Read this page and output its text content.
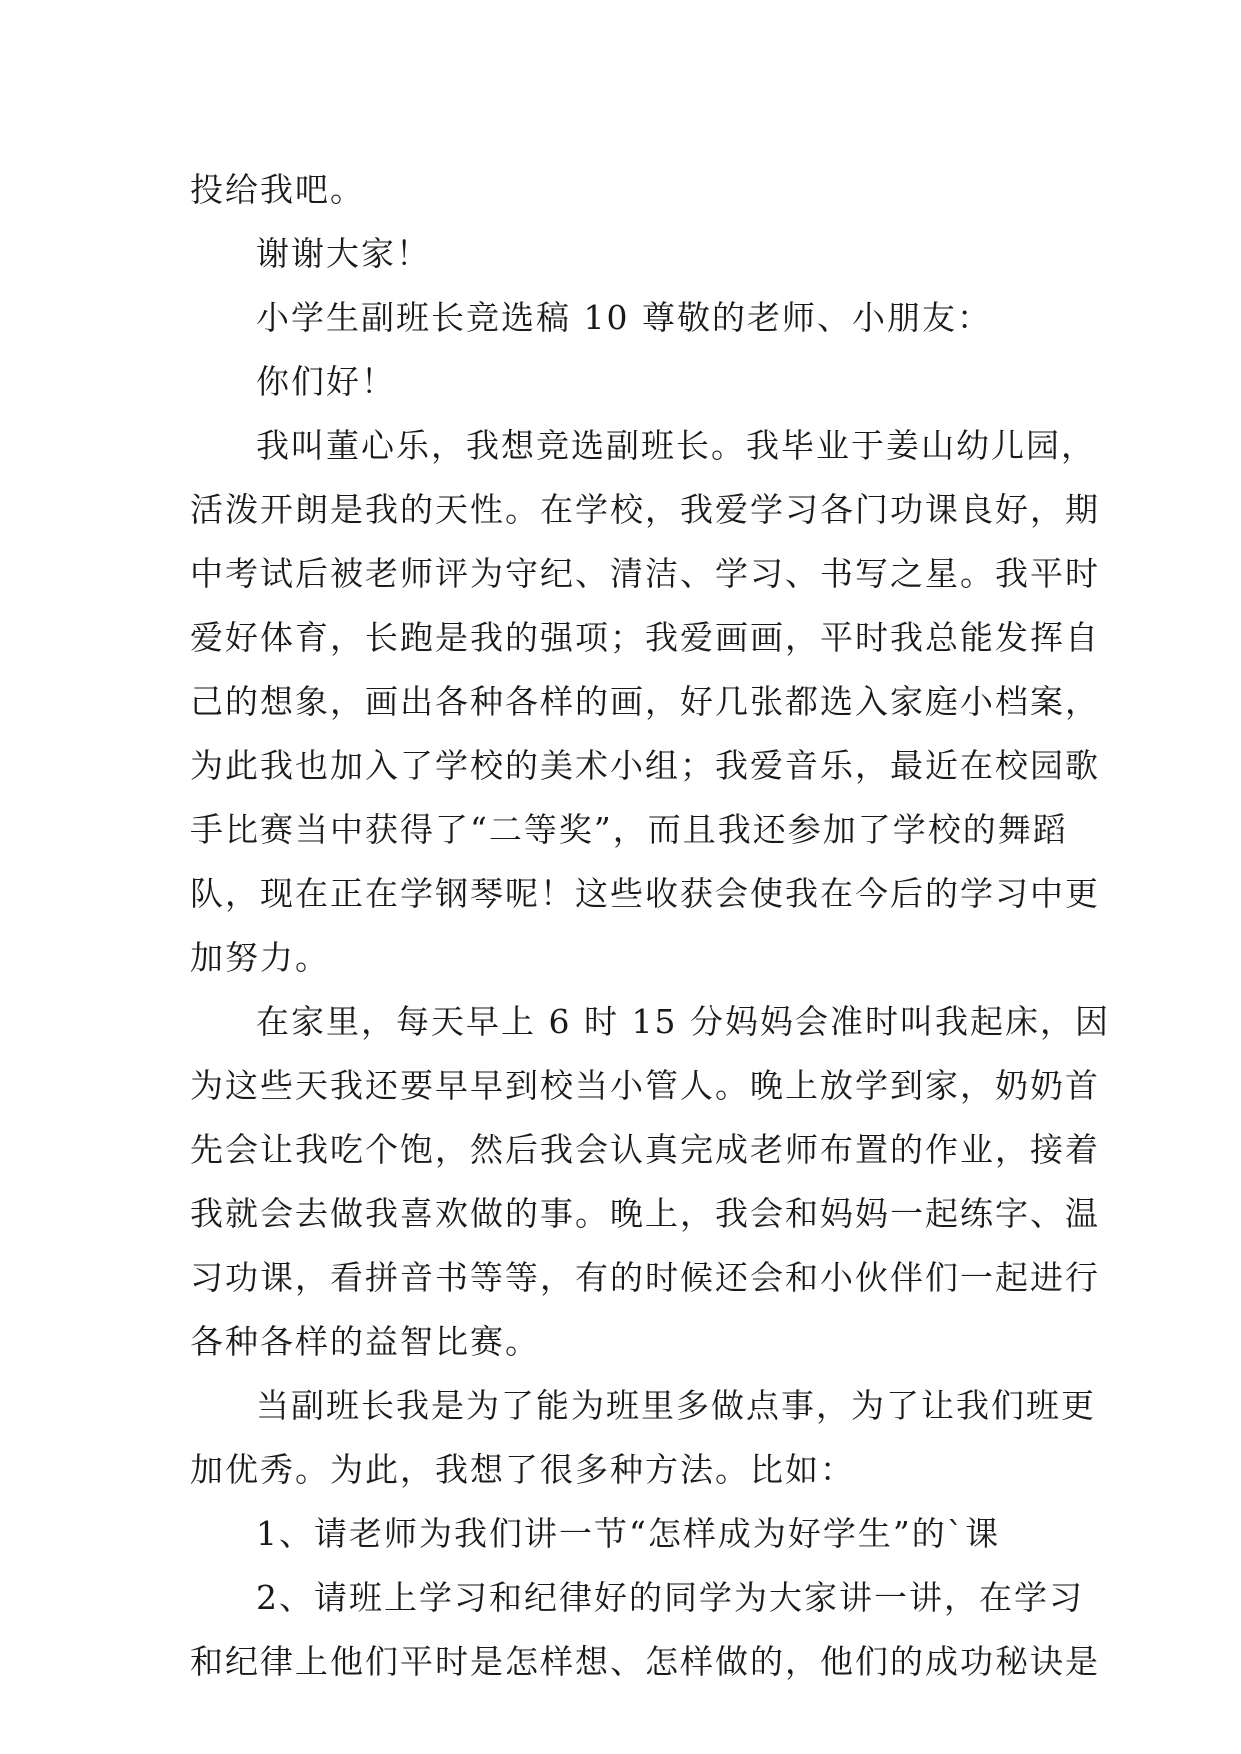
投给我吧。
谢谢大家！
小学生副班长竞选稿 10 尊敬的老师、小朋友：
你们好！
我叫董心乐，我想竞选副班长。我毕业于姜山幼儿园，
活泼开朗是我的天性。在学校，我爱学习各门功课良好，期
中考试后被老师评为守纪、清洁、学习、书写之星。我平时
爱好体育，长跑是我的强项；我爱画画，平时我总能发挥自
己的想象，画出各种各样的画，好几张都选入家庭小档案，
为此我也加入了学校的美术小组；我爱音乐，最近在校园歌
手比赛当中获得了“二等奖”，而且我还参加了学校的舞蹈
队，现在正在学钢琴呢！这些收获会使我在今后的学习中更
加努力。
在家里，每天早上 6 时 15 分妈妈会准时叫我起床，因
为这些天我还要早早到校当小管人。晚上放学到家，奶奶首
先会让我吃个饱，然后我会认真完成老师布置的作业，接着
我就会去做我喜欢做的事。晚上，我会和妈妈一起练字、温
习功课，看拼音书等等，有的时候还会和小伙伴们一起进行
各种各样的益智比赛。
当副班长我是为了能为班里多做点事，为了让我们班更
加优秀。为此，我想了很多种方法。比如：
1、请老师为我们讲一节“怎样成为好学生”的`课
2、请班上学习和纪律好的同学为大家讲一讲，在学习
和纪律上他们平时是怎样想、怎样做的，他们的成功秘诀是
